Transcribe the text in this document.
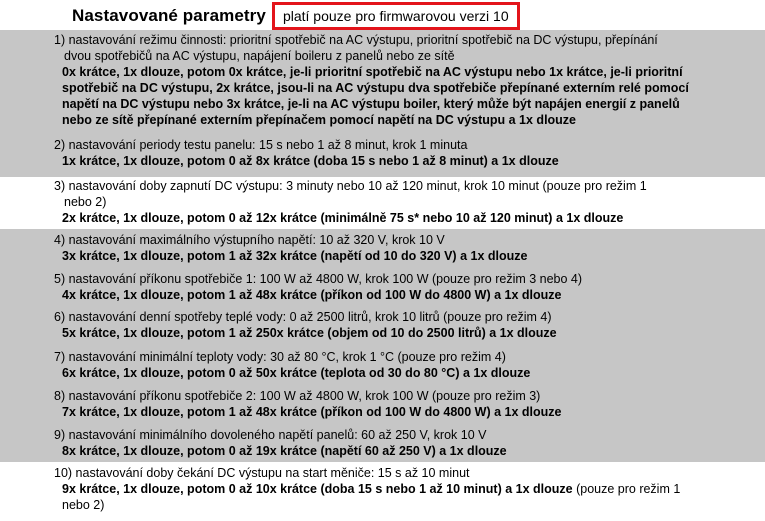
Nastavované parametry	platí pouze pro firmwarovou verzi 10
1) nastavování režimu činnosti: prioritní spotřebič na AC výstupu, prioritní spotřebič na DC výstupu, přepínání
dvou spotřebičů na AC výstupu, napájení boileru z panelů nebo ze sítě
0x krátce, 1x dlouze, potom 0x krátce, je-li prioritní spotřebič na AC výstupu nebo 1x krátce, je-li prioritní
spotřebič na DC výstupu, 2x krátce, jsou-li na AC výstupu dva spotřebiče přepínané externím relé pomocí
napětí na DC výstupu nebo 3x krátce, je-li na AC výstupu boiler, který může být napájen energií z panelů
nebo ze sítě přepínané externím přepínačem pomocí napětí na DC výstupu a 1x dlouze
2) nastavování periody testu panelu: 15 s nebo 1 až 8 minut, krok 1 minuta
1x krátce, 1x dlouze, potom 0 až 8x krátce (doba 15 s nebo 1 až 8 minut) a 1x dlouze
3) nastavování doby zapnutí DC výstupu: 3 minuty nebo 10 až 120 minut, krok 10 minut (pouze pro režim 1
nebo 2)
2x krátce, 1x dlouze, potom 0 až 12x krátce (minimálně 75 s* nebo 10 až 120 minut) a 1x dlouze
4) nastavování maximálního výstupního napětí: 10 až 320 V, krok 10 V
3x krátce, 1x dlouze, potom 1 až 32x krátce (napětí od 10 do 320 V) a 1x dlouze
5) nastavování příkonu spotřebiče 1: 100 W až 4800 W, krok 100 W (pouze pro režim 3 nebo 4)
4x krátce, 1x dlouze, potom 1 až 48x krátce (příkon od 100 W do 4800 W) a 1x dlouze
6) nastavování denní spotřeby teplé vody: 0 až 2500 litrů, krok 10 litrů (pouze pro režim 4)
5x krátce, 1x dlouze, potom 1 až 250x krátce (objem od 10 do 2500 litrů) a 1x dlouze
7) nastavování minimální teploty vody: 30 až 80 °C, krok 1 °C (pouze pro režim 4)
6x krátce, 1x dlouze, potom 0 až 50x krátce (teplota od 30 do 80 °C) a 1x dlouze
8) nastavování příkonu spotřebiče 2: 100 W až 4800 W, krok 100 W (pouze pro režim 3)
7x krátce, 1x dlouze, potom 1 až 48x krátce (příkon od 100 W do 4800 W) a 1x dlouze
9) nastavování minimálního dovoleného napětí panelů: 60 až 250 V, krok 10 V
8x krátce, 1x dlouze, potom 0 až 19x krátce (napětí 60 až 250 V) a 1x dlouze
10) nastavování doby čekání DC výstupu na start měniče: 15 s až 10 minut
9x krátce, 1x dlouze, potom 0 až 10x krátce (doba 15 s nebo 1 až 10 minut) a 1x dlouze (pouze pro režim 1
nebo 2)
